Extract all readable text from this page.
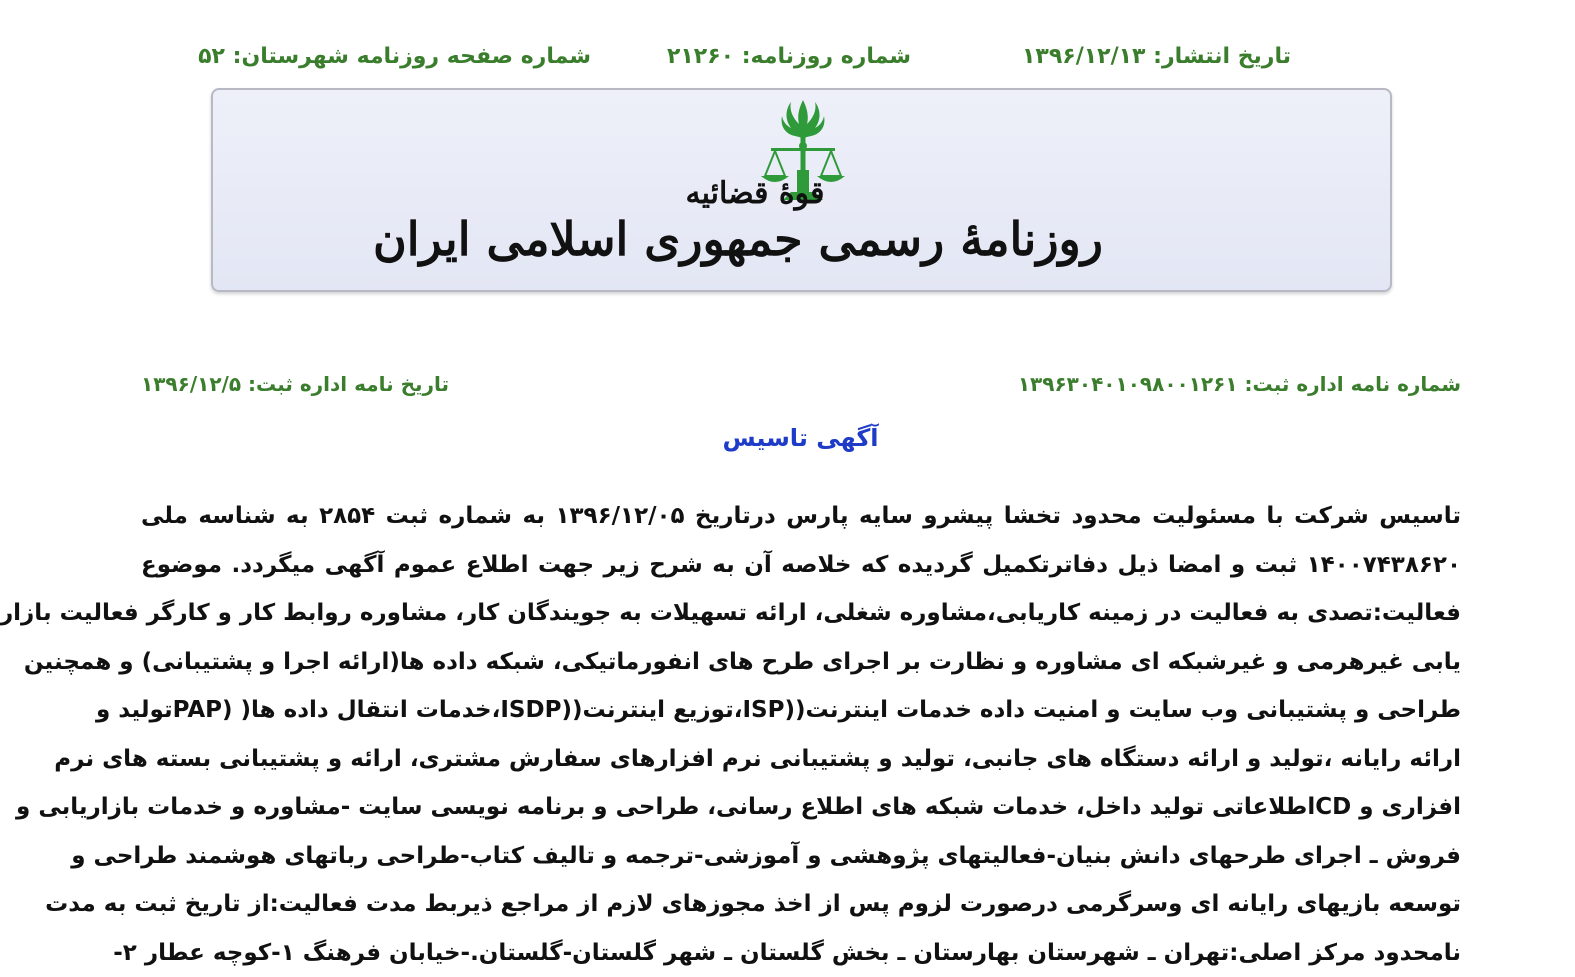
تاریخ انتشار: ۱۳۹۶/۱۲/۱۳
شماره روزنامه: ۲۱۲۶۰
شماره صفحه روزنامه شهرستان: ۵۲
قوۀ قضائیه
روزنامۀ رسمی جمهوری اسلامی ایران
شماره نامه اداره ثبت: ۱۳۹۶۳۰۴۰۱۰۹۸۰۰۱۲۶۱
تاریخ نامه اداره ثبت: ۱۳۹۶/۱۲/۵
آگهی تاسیس
تاسیس شرکت با مسئولیت محدود تخشا پیشرو سایه پارس درتاریخ ۱۳۹۶/۱۲/۰۵ به شماره ثبت ۲۸۵۴ به شناسه ملی
۱۴۰۰۷۴۳۸۶۲۰ ثبت و امضا ذیل دفاترتکمیل گردیده که خلاصه آن به شرح زیر جهت اطلاع عموم آگهی میگردد. موضوع
فعالیت:تصدی به فعالیت در زمینه کاریابی،مشاوره شغلی، ارائه تسهیلات به جویندگان کار، مشاوره روابط کار و کارگر فعالیت بازار
یابی غیرهرمی و غیرشبکه ای مشاوره و نظارت بر اجرای طرح های انفورماتیکی، شبکه داده ها(ارائه اجرا و پشتیبانی) و همچنین
طراحی و پشتیبانی وب سایت و امنیت داده خدمات اینترنت((ISP،توزیع اینترنت((ISDP،خدمات انتقال داده ها( (PAPتولید و
ارائه رایانه ،تولید و ارائه دستگاه های جانبی، تولید و پشتیبانی نرم افزارهای سفارش مشتری، ارائه و پشتیبانی بسته های نرم
افزاری و CDاطلاعاتی تولید داخل، خدمات شبکه های اطلاع رسانی، طراحی و برنامه نویسی سایت -مشاوره و خدمات بازاریابی و
فروش ـ اجرای طرحهای دانش بنیان-فعالیتهای پژوهشی و آموزشی-ترجمه و تالیف کتاب-طراحی رباتهای هوشمند طراحی و
توسعه بازیهای رایانه ای وسرگرمی درصورت لزوم پس از اخذ مجوزهای لازم از مراجع ذیربط مدت فعالیت:از تاریخ ثبت به مدت
نامحدود مرکز اصلی:تهران ـ شهرستان بهارستان ـ بخش گلستان ـ شهر گلستان-گلستان.-خیابان فرهنگ ۱-کوچه عطار ۲-
